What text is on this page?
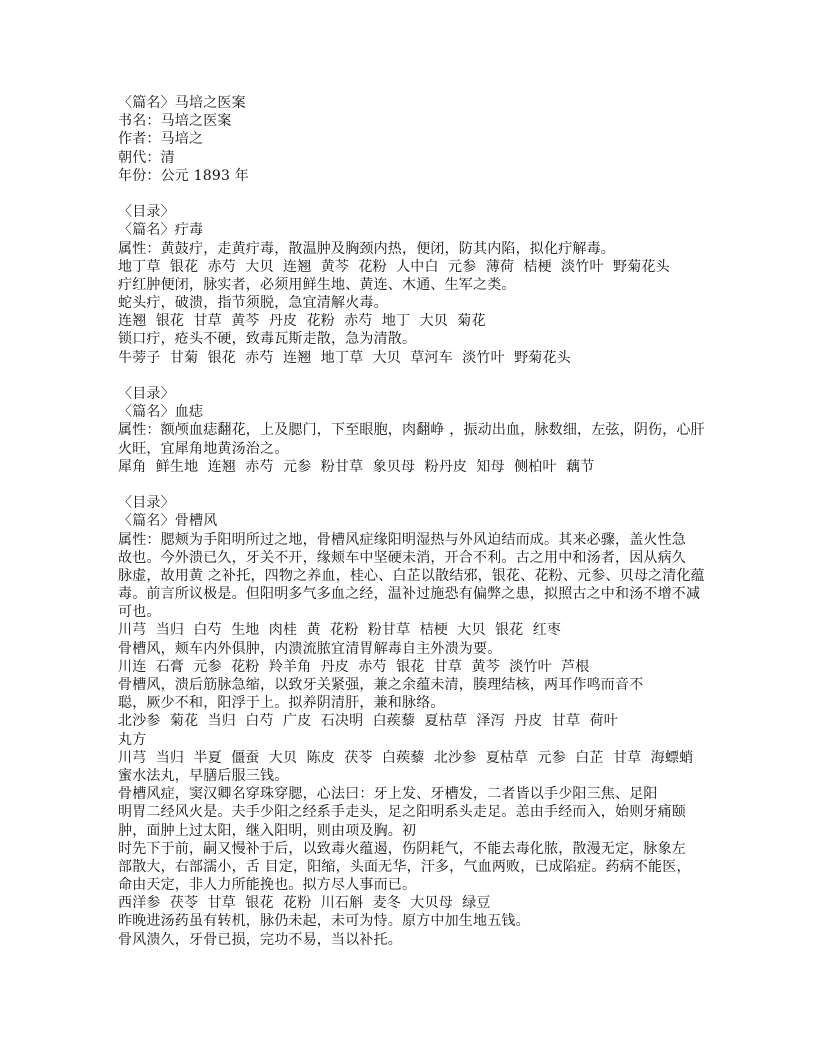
〈篇名〉马培之医案
书名：马培之医案
作者：马培之
朝代：清
年份：公元 1893 年
〈目录〉
〈篇名〉疔毒
属性：黄鼓疔，走黄疔毒，散温肿及胸颈内热，便闭，防其内陷，拟化疔解毒。
地丁草  银花  赤芍  大贝  连翘  黄芩  花粉  人中白  元参  薄荷  桔梗  淡竹叶  野菊花头
疔红肿便闭，脉实者，必须用鲜生地、黄连、木通、生军之类。
蛇头疔，破溃，指节须脱，急宜清解火毒。
连翘  银花  甘草  黄芩  丹皮  花粉  赤芍  地丁  大贝  菊花
锁口疔，疮头不硬，致毒瓦斯走散，急为清散。
牛蒡子  甘菊  银花  赤芍  连翘  地丁草  大贝  草河车  淡竹叶  野菊花头
〈目录〉
〈篇名〉血痣
属性：额颅血痣翻花，上及腮门，下至眼胞，肉翻峥 ，振动出血，脉数细，左弦，阴伤，心肝
火旺，宜犀角地黄汤治之。
犀角  鲜生地  连翘  赤芍  元参  粉甘草  象贝母  粉丹皮  知母  侧柏叶  藕节
〈目录〉
〈篇名〉骨槽风
属性：腮颊为手阳明所过之地，骨槽风症缘阳明湿热与外风迫结而成。其来必骤，盖火性急
故也。今外溃已久，牙关不开，缘颊车中坚硬未消，开合不利。古之用中和汤者，因从病久
脉虚，故用黄 之补托，四物之养血，桂心、白芷以散结邪，银花、花粉、元参、贝母之清化蕴
毒。前言所议极是。但阳明多气多血之经，温补过施恐有偏弊之患，拟照古之中和汤不增不减
可也。
川芎  当归  白芍  生地  肉桂  黄  花粉  粉甘草  桔梗  大贝  银花  红枣
骨槽风，颊车内外俱肿，内溃流脓宜清胃解毒自主外溃为要。
川连  石膏  元参  花粉  羚羊角  丹皮  赤芍  银花  甘草  黄芩  淡竹叶  芦根
骨槽风，溃后筋脉急缩，以致牙关紧强，兼之余蕴未清，腠理结核，两耳作鸣而音不
聪，厥少不和，阳浮于上。拟养阴清肝，兼和脉络。
北沙参  菊花  当归  白芍  广皮  石决明  白蒺藜  夏枯草  泽泻  丹皮  甘草  荷叶
丸方
川芎  当归  半夏  僵蚕  大贝  陈皮  茯苓  白蒺藜  北沙参  夏枯草  元参  白芷  甘草  海螵蛸
蜜水法丸，早膳后服三钱。
骨槽风症，窦汉卿名穿珠穿腮，心法曰：牙上发、牙槽发，二者皆以手少阳三焦、足阳
明胃二经风火是。夫手少阳之经系手走头，足之阳明系头走足。恙由手经而入，始则牙痛颐
肿，面肿上过太阳，继入阳明，则由项及胸。初
时先下于前，嗣又慢补于后，以致毒火蕴遏，伤阴耗气，不能去毒化脓，散漫无定，脉象左
部散大，右部濡小，舌 目定，阳缩，头面无华，汗多，气血两败，已成陷症。药病不能医，
命由天定，非人力所能挽也。拟方尽人事而已。
西洋参  茯苓  甘草  银花  花粉  川石斛  麦冬  大贝母  绿豆
昨晚进汤药虽有转机，脉仍未起，未可为恃。原方中加生地五钱。
骨风溃久，牙骨已损，完功不易，当以补托。
